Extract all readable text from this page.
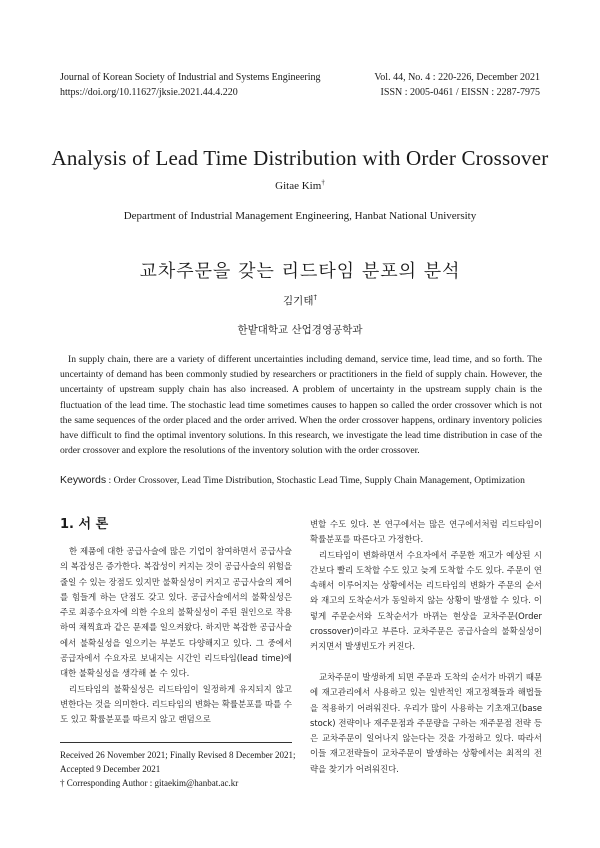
Journal of Korean Society of Industrial and Systems Engineering
https://doi.org/10.11627/jksie.2021.44.4.220
Vol. 44, No. 4 : 220-226, December 2021
ISSN : 2005-0461 / EISSN : 2287-7975
Analysis of Lead Time Distribution with Order Crossover
Gitae Kim†
Department of Industrial Management Engineering, Hanbat National University
교차주문을 갖는 리드타임 분포의 분석
김기태†
한밭대학교 산업경영공학과

In supply chain, there are a variety of different uncertainties including demand, service time, lead time, and so forth. The uncertainty of demand has been commonly studied by researchers or practitioners in the field of supply chain. However, the uncertainty of upstream supply chain has also increased. A problem of uncertainty in the upstream supply chain is the fluctuation of the lead time. The stochastic lead time sometimes causes to happen so called the order crossover which is not the same sequences of the order placed and the order arrived. When the order crossover happens, ordinary inventory policies have difficult to find the optimal inventory solutions. In this research, we investigate the lead time distribution in case of the order crossover and explore the resolutions of the inventory solution with the order crossover.

Keywords : Order Crossover, Lead Time Distribution, Stochastic Lead Time, Supply Chain Management, Optimization
1. 서 론

한 제품에 대한 공급사슬에 많은 기업이 참여하면서 공급사슬의 복잡성은 증가한다. 복잡성이 커지는 것이 공급사슬의 위험을 줄일 수 있는 장점도 있지만 불확실성이 커지고 공급사슬의 제어를 힘들게 하는 단점도 갖고 있다. 공급사슬에서의 불확실성은 주로 최종수요자에 의한 수요의 불확실성이 주된 원인으로 작용하여 채찍효과 같은 문제를 일으켜왔다. 하지만 복잡한 공급사슬에서 불확실성을 일으키는 부분도 다양해지고 있다. 그 중에서 공급자에서 수요자로 보내지는 시간인 리드타임(lead time)에 대한 불확실성을 생각해 볼 수 있다.

리드타임의 불확실성은 리드타임이 일정하게 유지되지 않고 변한다는 것을 의미한다. 리드타임의 변화는 확률분포를 따를 수도 있고 확률분포를 따르지 않고 랜덤으로

변할 수도 있다. 본 연구에서는 많은 연구에서처럼 리드타임이 확률분포를 따른다고 가정한다.

리드타임이 변화하면서 수요자에서 주문한 재고가 예상된 시간보다 빨리 도착할 수도 있고 늦게 도착할 수도 있다. 주문이 연속해서 이루어지는 상황에서는 리드타임의 변화가 주문의 순서와 재고의 도착순서가 동일하지 않는 상황이 발생할 수 있다. 이렇게 주문순서와 도착순서가 바뀌는 현상을 교차주문(Order crossover)이라고 부른다. 교차주문은 공급사슬의 불확실성이 커지면서 발생빈도가 커진다.

교차주문이 발생하게 되면 주문과 도착의 순서가 바뀌기 때문에 재고관리에서 사용하고 있는 일반적인 재고정책들과 해법들을 적용하기 어려워진다. 우리가 많이 사용하는 기초재고(base stock) 전략이나 재주문점과 주문량을 구하는 재주문점 전략 등은 교차주문이 일어나지 않는다는 것을 가정하고 있다. 따라서 이들 재고전략들이 교차주문이 발생하는 상황에서는 최적의 전략을 찾기가 어려워진다.

Received 26 November 2021; Finally Revised 8 December 2021;
Accepted 9 December 2021
† Corresponding Author : gitaekim@hanbat.ac.kr
